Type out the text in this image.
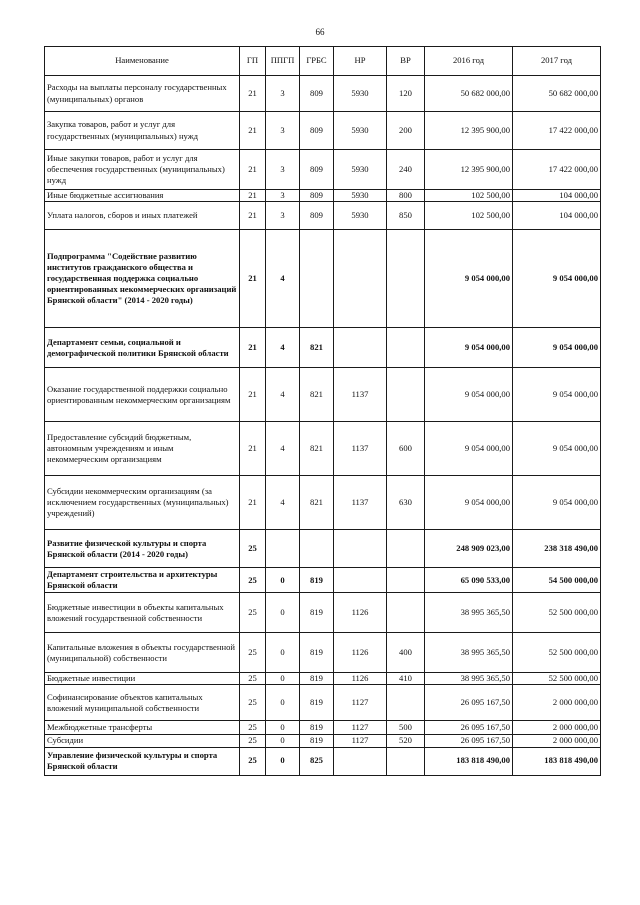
66
Наименование	ГП	ППГП	ГРБС	НР	ВР	2016 год	2017 год
Расходы на выплаты персоналу государственных (муниципальных) органов	21	3	809	5930	120	50 682 000,00	50 682 000,00
Закупка товаров, работ и услуг для государственных (муниципальных) нужд	21	3	809	5930	200	12 395 900,00	17 422 000,00
Иные закупки товаров, работ и услуг для обеспечения государственных (муниципальных) нужд	21	3	809	5930	240	12 395 900,00	17 422 000,00
Иные бюджетные ассигнования	21	3	809	5930	800	102 500,00	104 000,00
Уплата налогов, сборов и иных платежей	21	3	809	5930	850	102 500,00	104 000,00
Подпрограмма "Содействие развитию институтов гражданского общества и государственная поддержка социально ориентированных некоммерческих организаций Брянской области" (2014 - 2020 годы)	21	4				9 054 000,00	9 054 000,00
Департамент семьи, социальной и демографической политики Брянской области	21	4	821			9 054 000,00	9 054 000,00
Оказание государственной поддержки социально ориентированным некоммерческим организациям	21	4	821	1137		9 054 000,00	9 054 000,00
Предоставление субсидий бюджетным, автономным учреждениям и иным некоммерческим организациям	21	4	821	1137	600	9 054 000,00	9 054 000,00
Субсидии некоммерческим организациям (за исключением государственных (муниципальных) учреждений)	21	4	821	1137	630	9 054 000,00	9 054 000,00
Развитие физической культуры и спорта Брянской области (2014 - 2020 годы)	25					248 909 023,00	238 318 490,00
Департамент строительства и архитектуры Брянской области	25	0	819			65 090 533,00	54 500 000,00
Бюджетные инвестиции в объекты капитальных вложений государственной собственности	25	0	819	1126		38 995 365,50	52 500 000,00
Капитальные вложения в объекты государственной (муниципальной) собственности	25	0	819	1126	400	38 995 365,50	52 500 000,00
Бюджетные инвестиции	25	0	819	1126	410	38 995 365,50	52 500 000,00
Софинансирование объектов капитальных вложений муниципальной собственности	25	0	819	1127		26 095 167,50	2 000 000,00
Межбюджетные трансферты	25	0	819	1127	500	26 095 167,50	2 000 000,00
Субсидии	25	0	819	1127	520	26 095 167,50	2 000 000,00
Управление физической культуры и спорта Брянской области	25	0	825			183 818 490,00	183 818 490,00
